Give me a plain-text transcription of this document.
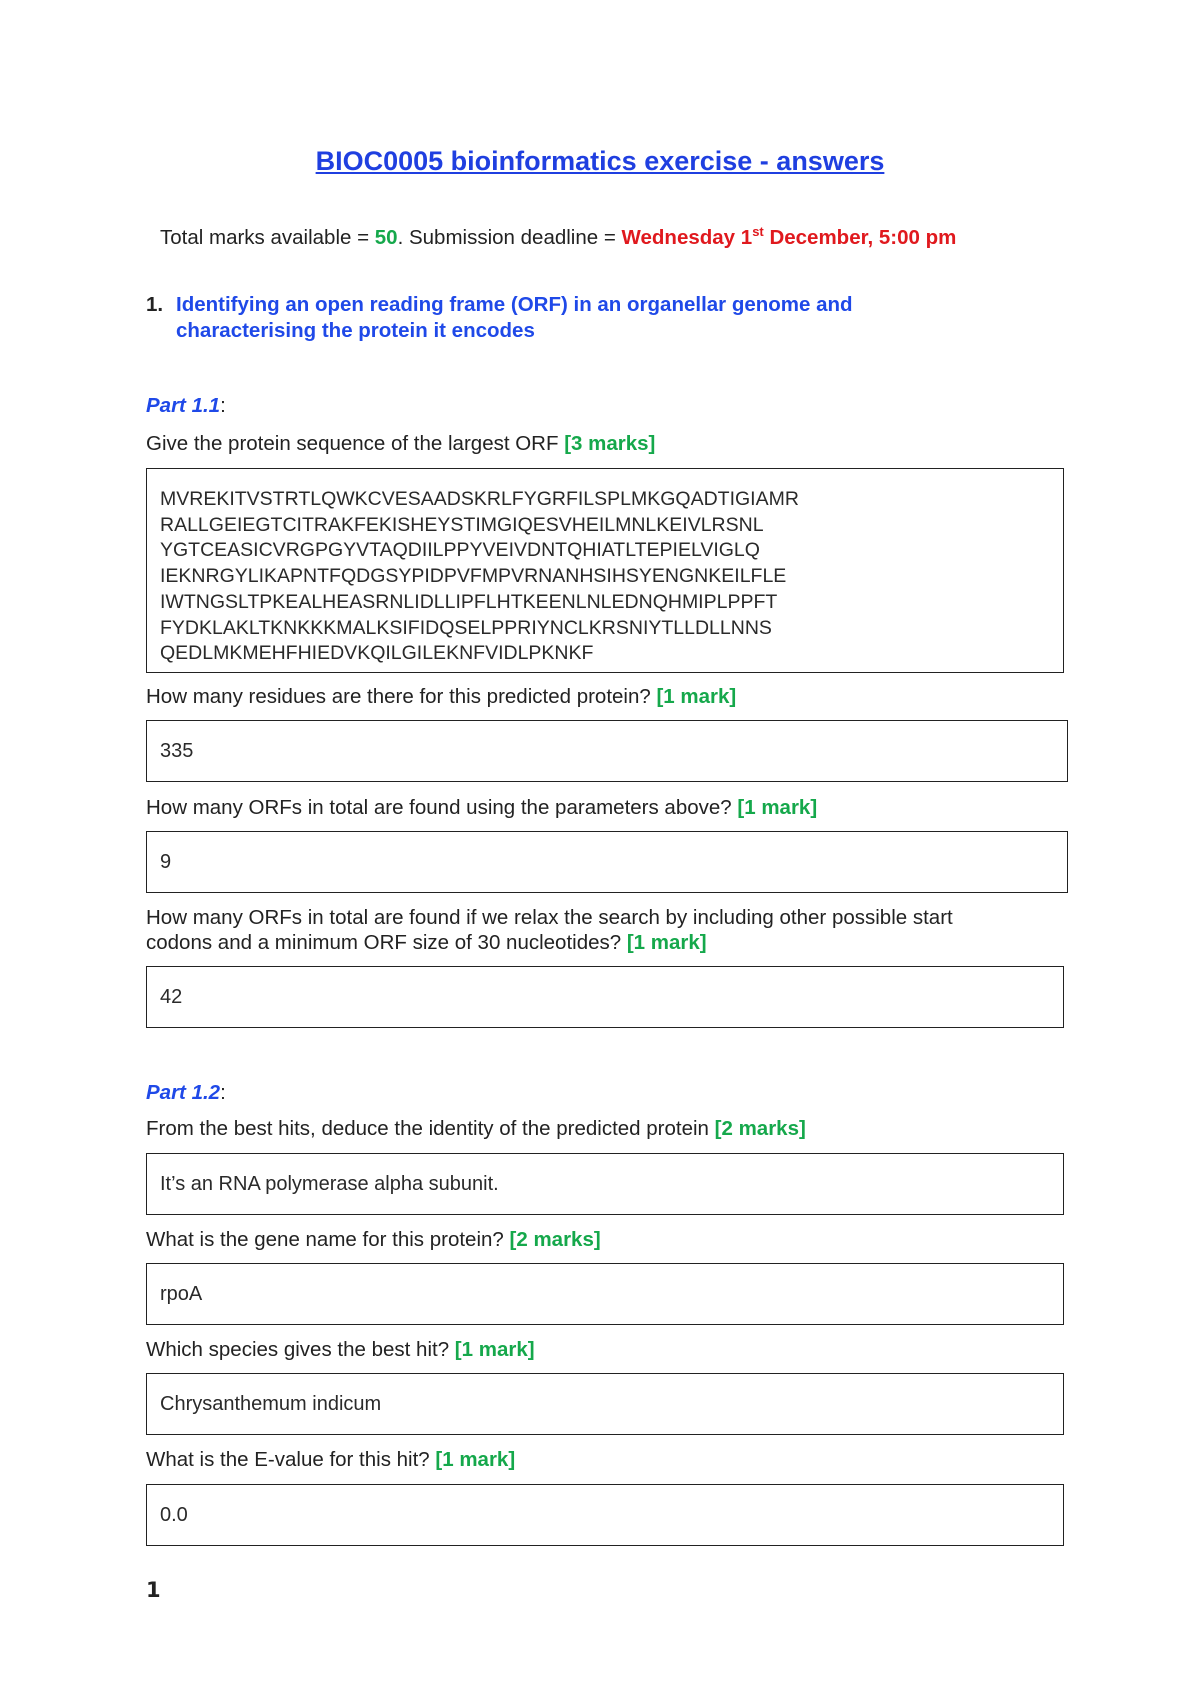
BIOC0005 bioinformatics exercise - answers
Total marks available = 50. Submission deadline = Wednesday 1st December, 5:00 pm
1. Identifying an open reading frame (ORF) in an organellar genome and
characterising the protein it encodes
Part 1.1:
Give the protein sequence of the largest ORF [3 marks]
MVREKITVSTRTLQWKCVESAADSKRLFYGRFILSPLMKGQADTIGIAMR
RALLGEIEGTCITRAKFEKISHEYSTIMGIQESVHEILMNLKEIVLRSNL
YGTCEASICVRGPGYVTAQDIILPPYVEIVDNTQHIATLTEPIELVIGLQ
IEKNRGYLIKAPNTFQDGSYPIDPVFMPVRNANHSIHSYENGNKEILFLE
IWTNGSLTPKEALHEASRNLIDLLIPFLHTKEENLNLEDNQHMIPLPPFT
FYDKLAKLTKNKKKMALKSIFIDQSELPPRIYNCLKRSNIYTLLDLLNNS
QEDLMKMEHFHIEDVKQILGILEKNFVIDLPKNKF
How many residues are there for this predicted protein? [1 mark]
335
How many ORFs in total are found using the parameters above? [1 mark]
9
How many ORFs in total are found if we relax the search by including other possible start
codons and a minimum ORF size of 30 nucleotides? [1 mark]
42
Part 1.2:
From the best hits, deduce the identity of the predicted protein [2 marks]
It’s an RNA polymerase alpha subunit.
What is the gene name for this protein? [2 marks]
rpoA
Which species gives the best hit? [1 mark]
Chrysanthemum indicum
What is the E-value for this hit? [1 mark]
0.0
1
